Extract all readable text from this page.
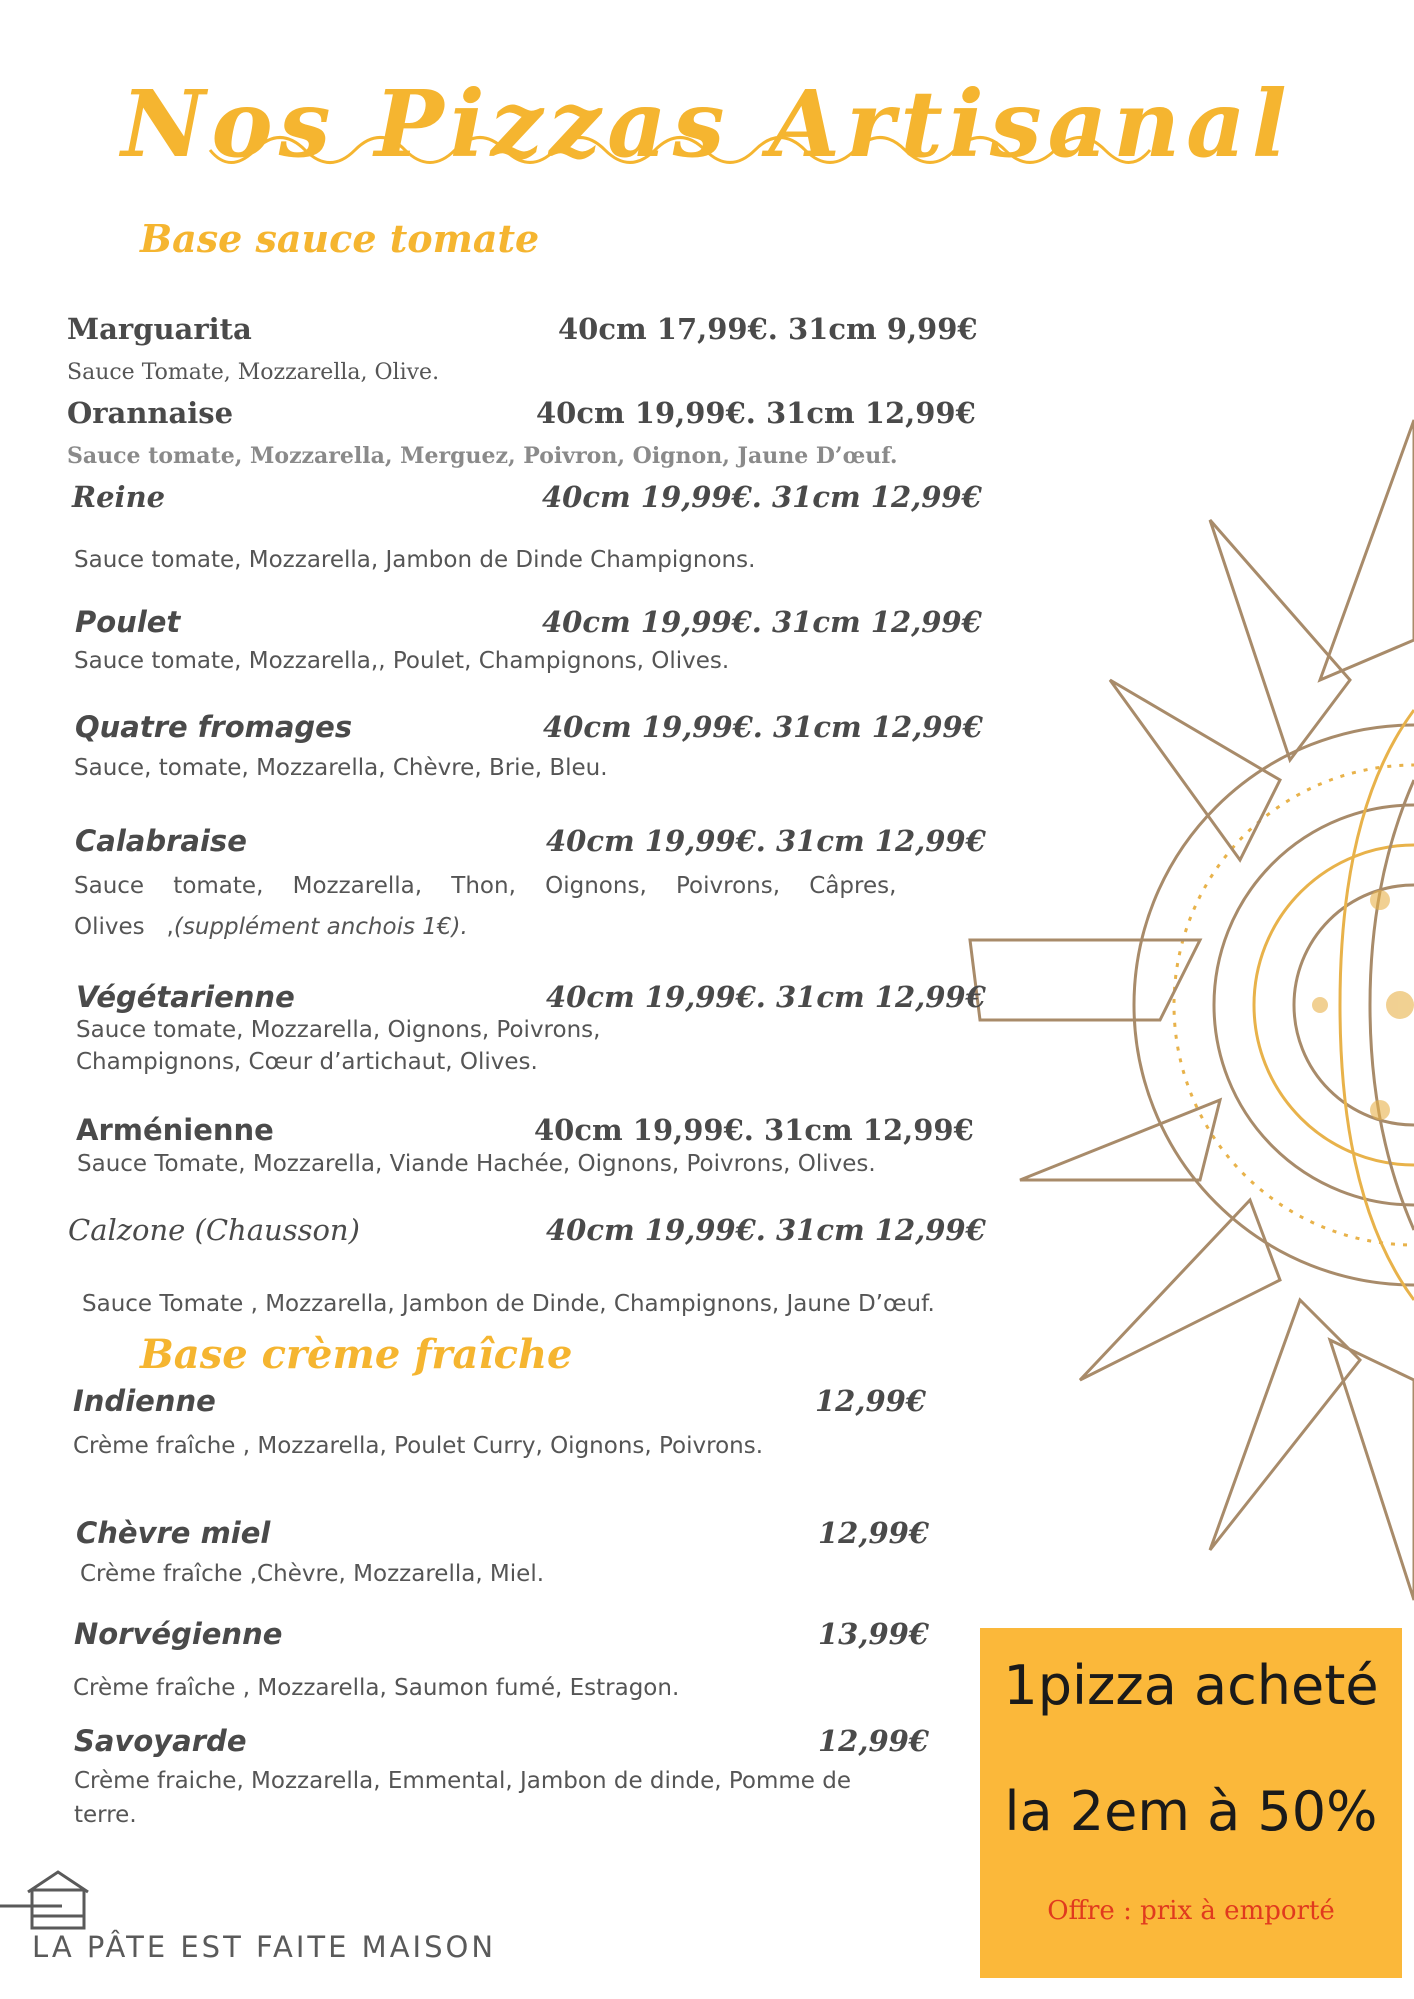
Nos Pizzas Artisanal
Base sauce tomate
Marguarita	40cm 17,99€. 31cm 9,99€
Sauce Tomate, Mozzarella, Olive.
Orannaise	40cm 19,99€. 31cm 12,99€
Sauce tomate, Mozzarella, Merguez, Poivron, Oignon, Jaune D’œuf.
Reine	40cm 19,99€. 31cm 12,99€
Sauce tomate, Mozzarella, Jambon de Dinde Champignons.
Poulet	40cm 19,99€. 31cm 12,99€
Sauce tomate, Mozzarella,, Poulet, Champignons, Olives.
Quatre fromages	40cm 19,99€. 31cm 12,99€
Sauce, tomate, Mozzarella, Chèvre, Brie, Bleu.
Calabraise	40cm 19,99€. 31cm 12,99€
Sauce    tomate,    Mozzarella,    Thon,    Oignons,    Poivrons,    Câpres,
Olives   ,(supplément anchois 1€).
Végétarienne	40cm 19,99€. 31cm 12,99€
Sauce tomate, Mozzarella, Oignons, Poivrons,
Champignons, Cœur d’artichaut, Olives.
Arménienne	40cm 19,99€. 31cm 12,99€
Sauce Tomate, Mozzarella, Viande Hachée, Oignons, Poivrons, Olives.
Calzone (Chausson)	40cm 19,99€. 31cm 12,99€
Sauce Tomate , Mozzarella, Jambon de Dinde, Champignons, Jaune D’œuf.
Base crème fraîche
Indienne	12,99€
Crème fraîche , Mozzarella, Poulet Curry, Oignons, Poivrons.
Chèvre miel	12,99€
Crème fraîche ,Chèvre, Mozzarella, Miel.
Norvégienne	13,99€
Crème fraîche , Mozzarella, Saumon fumé, Estragon.
Savoyarde	12,99€
Crème fraiche, Mozzarella, Emmental, Jambon de dinde, Pomme de
terre.
1pizza acheté
la 2em à 50%
Offre : prix à emporté
LA PÂTE EST FAITE MAISON
